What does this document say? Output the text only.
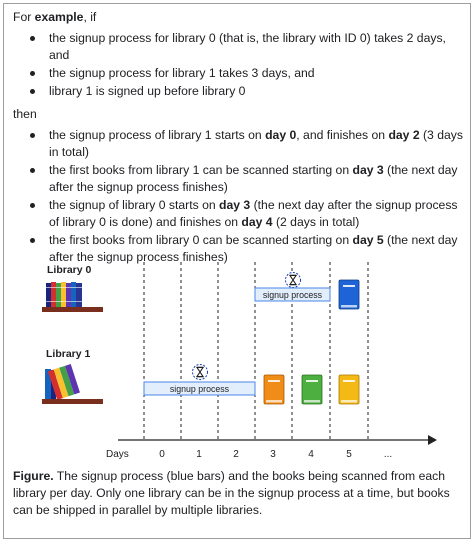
For example, if

the signup process for library 0 (that is, the library with ID 0) takes 2 days, and
the signup process for library 1 takes 3 days, and
library 1 is signed up before library 0

then

the signup process of library 1 starts on day 0, and finishes on day 2 (3 days in total)
the first books from library 1 can be scanned starting on day 3 (the next day after the signup process finishes)
the signup of library 0 starts on day 3 (the next day after the signup process of library 0 is done) and finishes on day 4 (2 days in total)
the first books from library 0 can be scanned starting on day 5 (the next day after the signup process finishes)
Library 0
signup process
Library 1
signup process
Days	0	1	2	3	4	5	...
Figure. The signup process (blue bars) and the books being scanned from each library per day. Only one library can be in the signup process at a time, but books can be shipped in parallel by multiple libraries.
